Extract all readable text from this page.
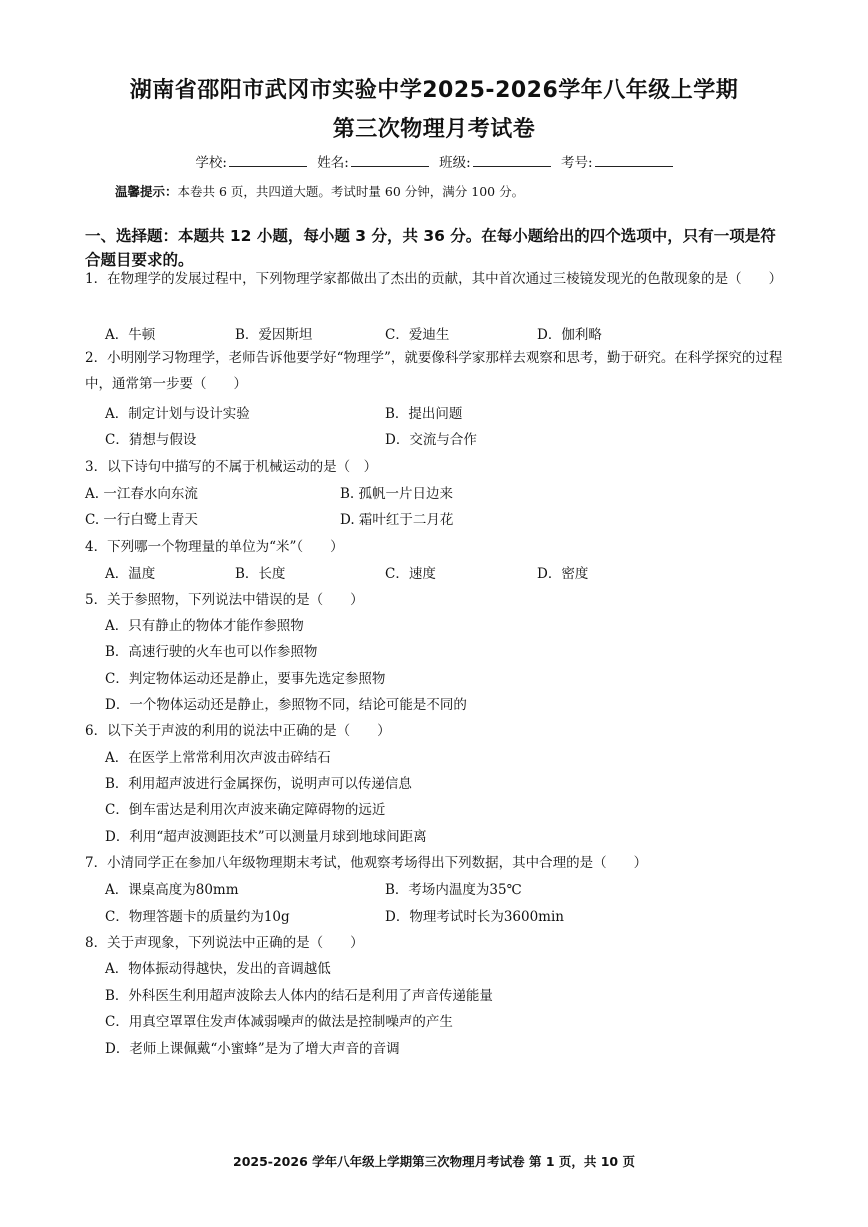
湖南省邵阳市武冈市实验中学2025-2026学年八年级上学期
第三次物理月考试卷
学校:	姓名:	班级:	考号:
温馨提示：本卷共 6 页，共四道大题。考试时量 60 分钟，满分 100 分。
一、选择题：本题共 12 小题，每小题 3 分，共 36 分。在每小题给出的四个选项中，只有一项是符合题目要求的。
1．在物理学的发展过程中，下列物理学家都做出了杰出的贡献，其中首次通过三棱镜发现光的色散现象的是（　　）
A．牛顿	B．爱因斯坦	C．爱迪生	D．伽利略
2．小明刚学习物理学，老师告诉他要学好“物理学”，就要像科学家那样去观察和思考，勤于研究。在科学探究的过程中，通常第一步要（　　）
A．制定计划与设计实验	B．提出问题
C．猜想与假设	D．交流与合作
3．以下诗句中描写的不属于机械运动的是（　）
A. 一江春水向东流	B. 孤帆一片日边来
C. 一行白鹭上青天	D. 霜叶红于二月花
4．下列哪一个物理量的单位为“米”（　　）
A．温度	B．长度	C．速度	D．密度
5．关于参照物，下列说法中错误的是（　　）
A．只有静止的物体才能作参照物
B．高速行驶的火车也可以作参照物
C．判定物体运动还是静止，要事先选定参照物
D．一个物体运动还是静止，参照物不同，结论可能是不同的
6．以下关于声波的利用的说法中正确的是（　　）
A．在医学上常常利用次声波击碎结石
B．利用超声波进行金属探伤，说明声可以传递信息
C．倒车雷达是利用次声波来确定障碍物的远近
D．利用“超声波测距技术”可以测量月球到地球间距离
7．小清同学正在参加八年级物理期末考试，他观察考场得出下列数据，其中合理的是（　　）
A．课桌高度为80mm	B．考场内温度为35℃
C．物理答题卡的质量约为10g	D．物理考试时长为3600min
8．关于声现象，下列说法中正确的是（　　）
A．物体振动得越快，发出的音调越低
B．外科医生利用超声波除去人体内的结石是利用了声音传递能量
C．用真空罩罩住发声体减弱噪声的做法是控制噪声的产生
D．老师上课佩戴“小蜜蜂”是为了增大声音的音调
2025-2026 学年八年级上学期第三次物理月考试卷 第 1 页，共 10 页
